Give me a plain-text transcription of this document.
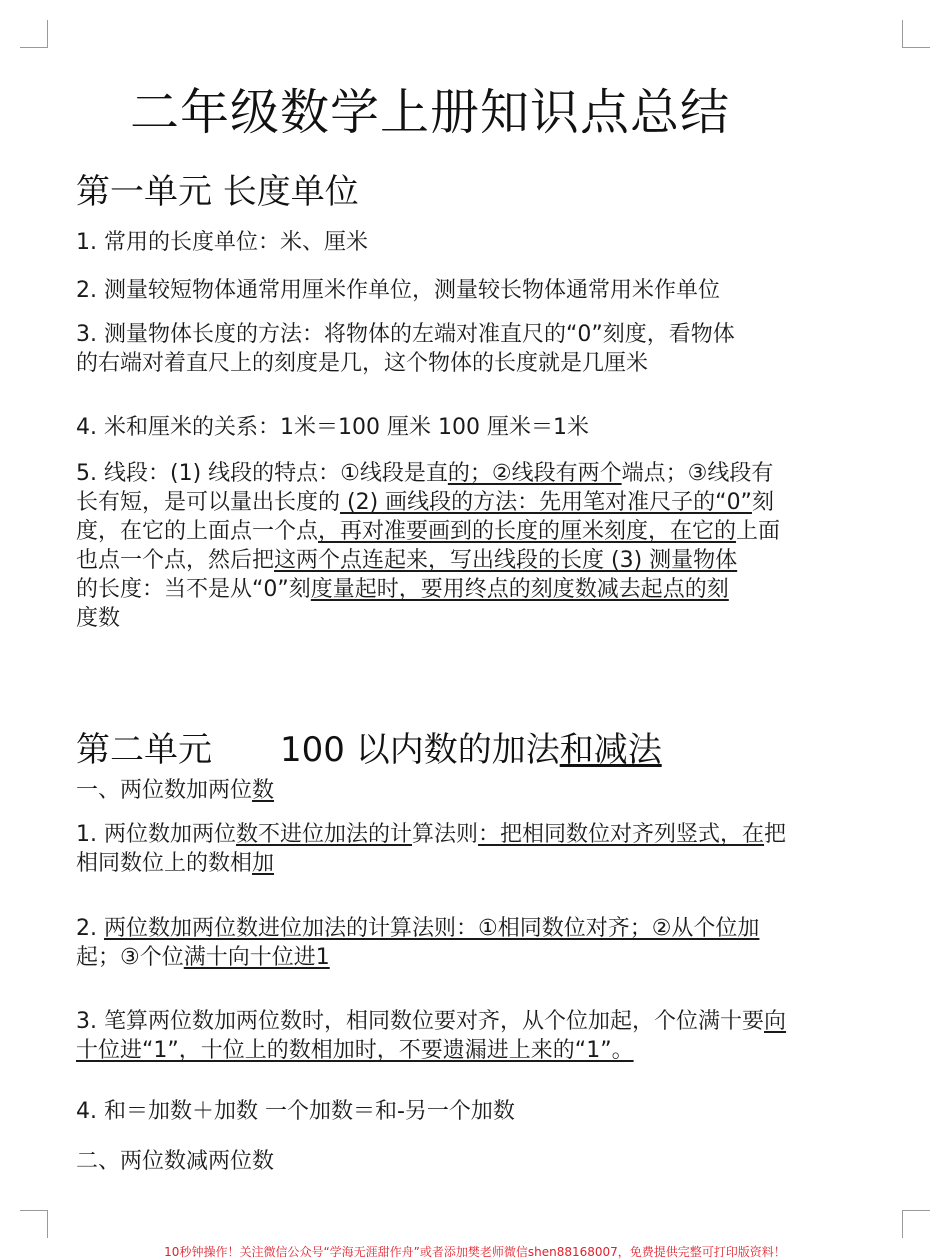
二年级数学上册知识点总结
第一单元 长度单位
1. 常用的长度单位：米、厘米
2. 测量较短物体通常用厘米作单位，测量较长物体通常用米作单位
3. 测量物体长度的方法：将物体的左端对准直尺的“0”刻度，看物体
的右端对着直尺上的刻度是几，这个物体的长度就是几厘米
4. 米和厘米的关系：1米＝100 厘米 100 厘米＝1米
5. 线段：(1) 线段的特点：①线段是直的；②线段有两个端点；③线段有
长有短，是可以量出长度的 (2) 画线段的方法：先用笔对准尺子的“0”刻
度，在它的上面点一个点，再对准要画到的长度的厘米刻度，在它的上面
也点一个点，然后把这两个点连起来，写出线段的长度 (3) 测量物体
的长度：当不是从“0”刻度量起时，要用终点的刻度数减去起点的刻
度数
第二单元 100 以内数的加法和减法
一、两位数加两位数
1. 两位数加两位数不进位加法的计算法则：把相同数位对齐列竖式，在把
相同数位上的数相加
2. 两位数加两位数进位加法的计算法则：①相同数位对齐；②从个位加
起；③个位满十向十位进1
3. 笔算两位数加两位数时，相同数位要对齐，从个位加起，个位满十要向
十位进“1”，十位上的数相加时，不要遗漏进上来的“1”。
4. 和＝加数＋加数 一个加数＝和-另一个加数
二、两位数减两位数
10秒钟操作！关注微信公众号“学海无涯甜作舟”或者添加樊老师微信shen88168007，免费提供完整可打印版资料！
